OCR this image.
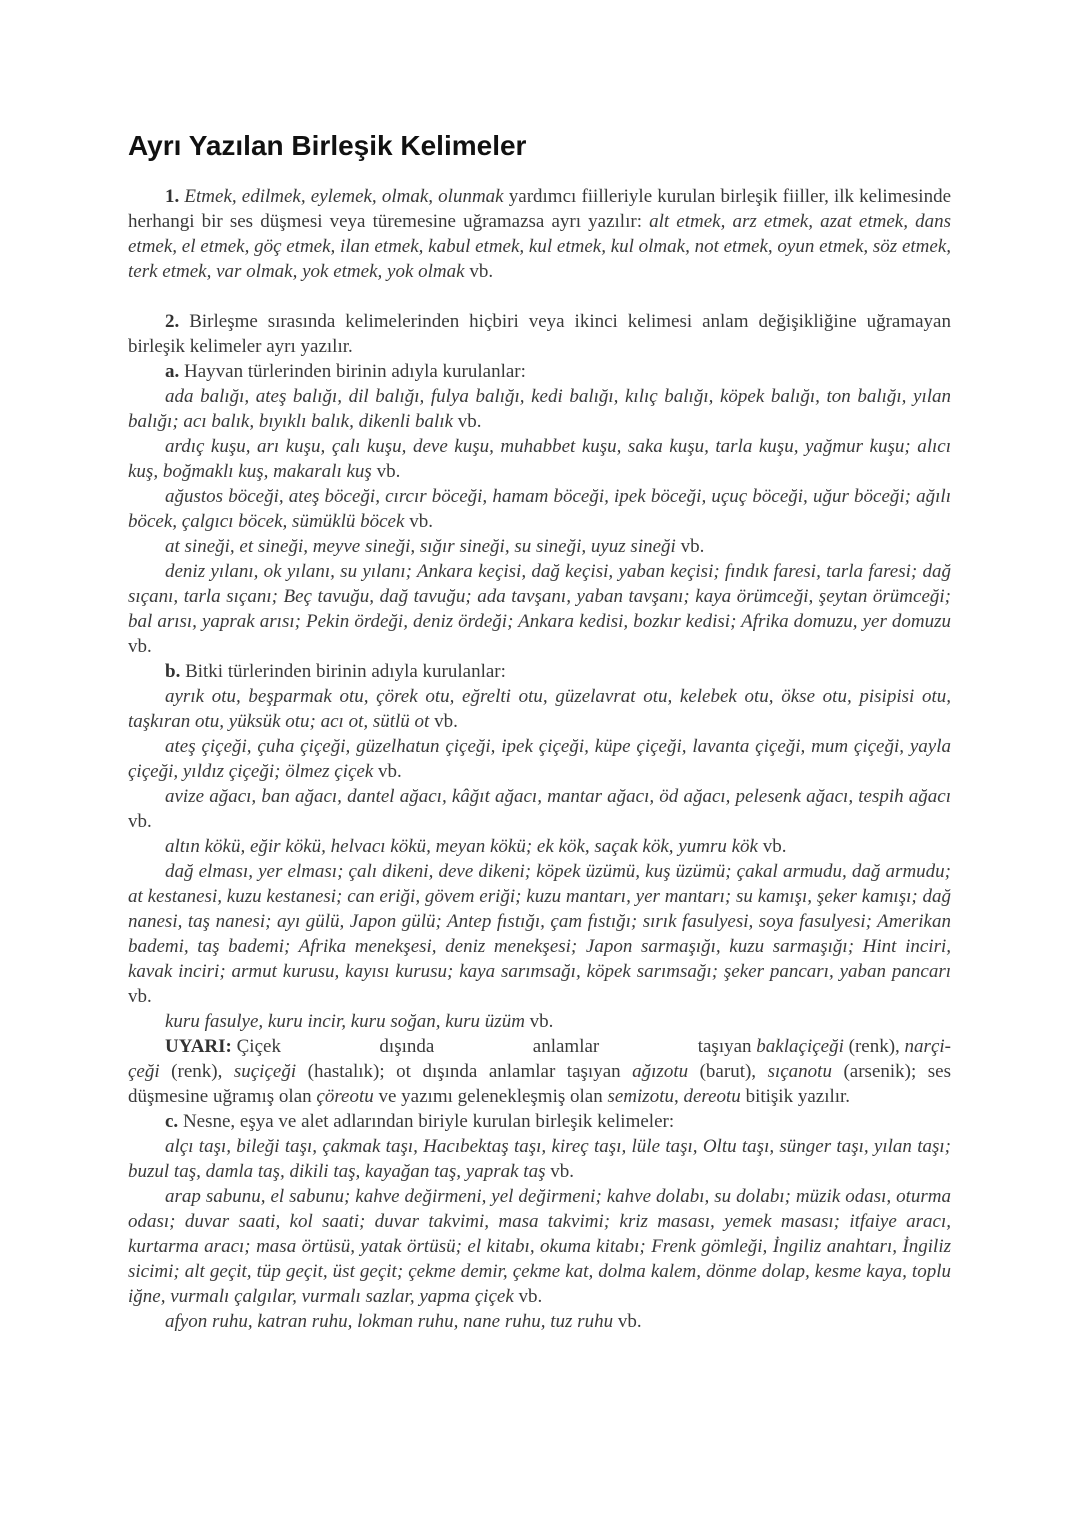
Ayrı Yazılan Birleşik Kelimeler

1. Etmek, edilmek, eylemek, olmak, olunmak yardımcı fiilleriyle kurulan birleşik fiiller, ilk kelimesinde herhangi bir ses düşmesi veya türemesine uğramazsa ayrı yazılır: alt etmek, arz etmek, azat etmek, dans etmek, el etmek, göç etmek, ilan etmek, kabul etmek, kul etmek, kul olmak, not etmek, oyun etmek, söz etmek, terk etmek, var olmak, yok etmek, yok olmak vb.

2. Birleşme sırasında kelimelerinden hiçbiri veya ikinci kelimesi anlam değişikliğine uğramayan birleşik kelimeler ayrı yazılır.

a. Hayvan türlerinden birinin adıyla kurulanlar:

ada balığı, ateş balığı, dil balığı, fulya balığı, kedi balığı, kılıç balığı, köpek balığı, ton balığı, yılan balığı; acı balık, bıyıklı balık, dikenli balık vb.

ardıç kuşu, arı kuşu, çalı kuşu, deve kuşu, muhabbet kuşu, saka kuşu, tarla kuşu, yağmur kuşu; alıcı kuş, boğmaklı kuş, makaralı kuş vb.

ağustos böceği, ateş böceği, cırcır böceği, hamam böceği, ipek böceği, uçuç böceği, uğur böceği; ağılı böcek, çalgıcı böcek, sümüklü böcek vb.

at sineği, et sineği, meyve sineği, sığır sineği, su sineği, uyuz sineği vb.

deniz yılanı, ok yılanı, su yılanı; Ankara keçisi, dağ keçisi, yaban keçisi; fındık faresi, tarla faresi; dağ sıçanı, tarla sıçanı; Beç tavuğu, dağ tavuğu; ada tavşanı, yaban tavşanı; kaya örümceği, şeytan örümceği; bal arısı, yaprak arısı; Pekin ördeği, deniz ördeği; Ankara kedisi, bozkır kedisi; Afrika domuzu, yer domuzu vb.

b. Bitki türlerinden birinin adıyla kurulanlar:

ayrık otu, beşparmak otu, çörek otu, eğrelti otu, güzelavrat otu, kelebek otu, ökse otu, pisipisi otu, taşkıran otu, yüksük otu; acı ot, sütlü ot vb.

ateş çiçeği, çuha çiçeği, güzelhatun çiçeği, ipek çiçeği, küpe çiçeği, lavanta çiçeği, mum çiçeği, yayla çiçeği, yıldız çiçeği; ölmez çiçek vb.

avize ağacı, ban ağacı, dantel ağacı, kâğıt ağacı, mantar ağacı, öd ağacı, pelesenk ağacı, tespih ağacı vb.

altın kökü, eğir kökü, helvacı kökü, meyan kökü; ek kök, saçak kök, yumru kök vb.

dağ elması, yer elması; çalı dikeni, deve dikeni; köpek üzümü, kuş üzümü; çakal armudu, dağ armudu; at kestanesi, kuzu kestanesi; can eriği, gövem eriği; kuzu mantarı, yer mantarı; su kamışı, şeker kamışı; dağ nanesi, taş nanesi; ayı gülü, Japon gülü; Antep fıstığı, çam fıstığı; sırık fasulyesi, soya fasulyesi; Amerikan bademi, taş bademi; Afrika menekşesi, deniz menekşesi; Japon sarmaşığı, kuzu sarmaşığı; Hint inciri, kavak inciri; armut kurusu, kayısı kurusu; kaya sarımsağı, köpek sarımsağı; şeker pancarı, yaban pancarı vb.

kuru fasulye, kuru incir, kuru soğan, kuru üzüm vb.

UYARI: Çiçek	dışında	anlamlar	taşıyan baklaçiçeği (renk), narçi-

çeği (renk), suçiçeği (hastalık); ot dışında anlamlar taşıyan ağızotu (barut), sıçanotu (arsenik); ses düşmesine uğramış olan çöreotu ve yazımı gelenekleşmiş olan semizotu, dereotu bitişik yazılır.

c. Nesne, eşya ve alet adlarından biriyle kurulan birleşik kelimeler:

alçı taşı, bileği taşı, çakmak taşı, Hacıbektaş taşı, kireç taşı, lüle taşı, Oltu taşı, sünger taşı, yılan taşı; buzul taş, damla taş, dikili taş, kayağan taş, yaprak taş vb.

arap sabunu, el sabunu; kahve değirmeni, yel değirmeni; kahve dolabı, su dolabı; müzik odası, oturma odası; duvar saati, kol saati; duvar takvimi, masa takvimi; kriz masası, yemek masası; itfaiye aracı, kurtarma aracı; masa örtüsü, yatak örtüsü; el kitabı, okuma kitabı; Frenk gömleği, İngiliz anahtarı, İngiliz sicimi; alt geçit, tüp geçit, üst geçit; çekme demir, çekme kat, dolma kalem, dönme dolap, kesme kaya, toplu iğne, vurmalı çalgılar, vurmalı sazlar, yapma çiçek vb.

afyon ruhu, katran ruhu, lokman ruhu, nane ruhu, tuz ruhu vb.
